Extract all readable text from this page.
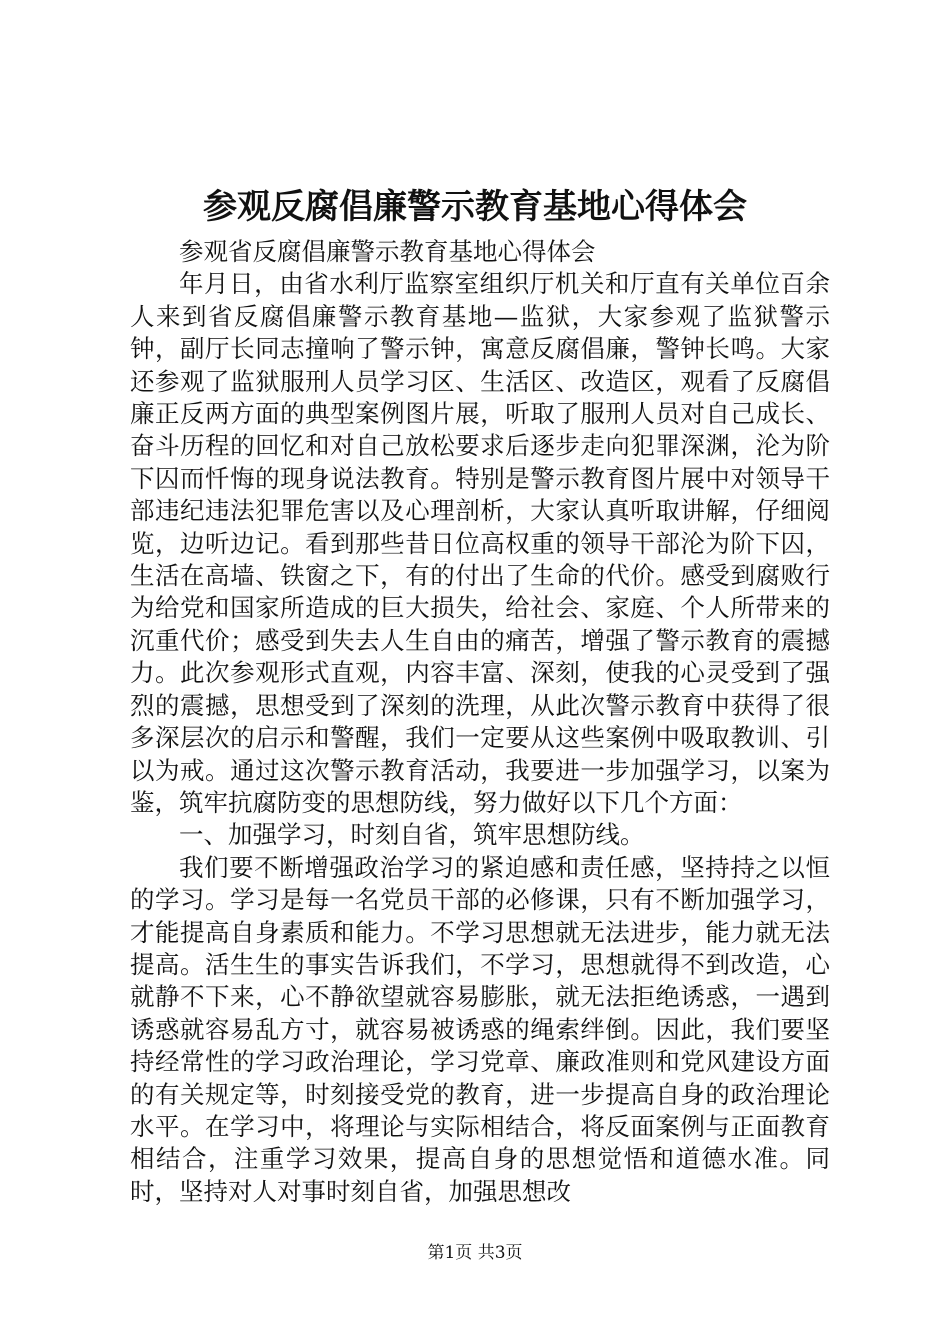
参观反腐倡廉警示教育基地心得体会

参观省反腐倡廉警示教育基地心得体会

年月日，由省水利厅监察室组织厅机关和厅直有关单位百余人来到省反腐倡廉警示教育基地—监狱，大家参观了监狱警示钟，副厅长同志撞响了警示钟，寓意反腐倡廉，警钟长鸣。大家还参观了监狱服刑人员学习区、生活区、改造区，观看了反腐倡廉正反两方面的典型案例图片展，听取了服刑人员对自己成长、奋斗历程的回忆和对自己放松要求后逐步走向犯罪深渊，沦为阶下囚而忏悔的现身说法教育。特别是警示教育图片展中对领导干部违纪违法犯罪危害以及心理剖析，大家认真听取讲解，仔细阅览，边听边记。看到那些昔日位高权重的领导干部沦为阶下囚，生活在高墙、铁窗之下，有的付出了生命的代价。感受到腐败行为给党和国家所造成的巨大损失，给社会、家庭、个人所带来的沉重代价；感受到失去人生自由的痛苦，增强了警示教育的震撼力。此次参观形式直观，内容丰富、深刻，使我的心灵受到了强烈的震撼，思想受到了深刻的洗理，从此次警示教育中获得了很多深层次的启示和警醒，我们一定要从这些案例中吸取教训、引以为戒。通过这次警示教育活动，我要进一步加强学习，以案为鉴，筑牢抗腐防变的思想防线，努力做好以下几个方面：

一、加强学习，时刻自省，筑牢思想防线。

我们要不断增强政治学习的紧迫感和责任感，坚持持之以恒的学习。学习是每一名党员干部的必修课，只有不断加强学习，才能提高自身素质和能力。不学习思想就无法进步，能力就无法提高。活生生的事实告诉我们，不学习，思想就得不到改造，心就静不下来，心不静欲望就容易膨胀，就无法拒绝诱惑，一遇到诱惑就容易乱方寸，就容易被诱惑的绳索绊倒。因此，我们要坚持经常性的学习政治理论，学习党章、廉政准则和党风建设方面的有关规定等，时刻接受党的教育，进一步提高自身的政治理论水平。在学习中，将理论与实际相结合，将反面案例与正面教育相结合，注重学习效果，提高自身的思想觉悟和道德水准。同时，坚持对人对事时刻自省，加强思想改

第1页 共3页
